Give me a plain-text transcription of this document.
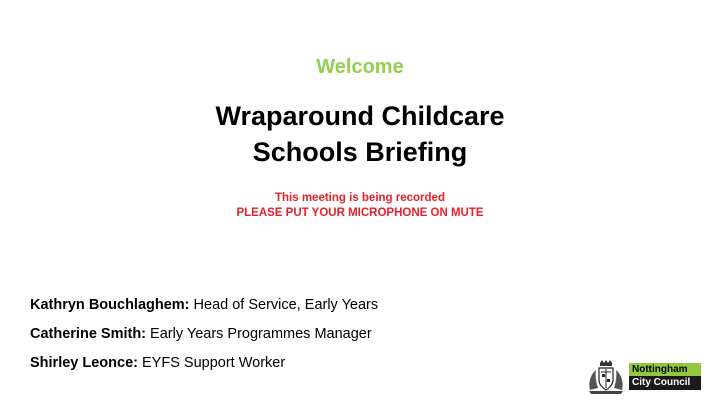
Welcome
Wraparound Childcare
Schools Briefing
This meeting is being recorded
PLEASE PUT YOUR MICROPHONE ON MUTE
Kathryn Bouchlaghem: Head of Service, Early Years
Catherine Smith: Early Years Programmes Manager
Shirley Leonce: EYFS Support Worker	Nottingham
City Council
